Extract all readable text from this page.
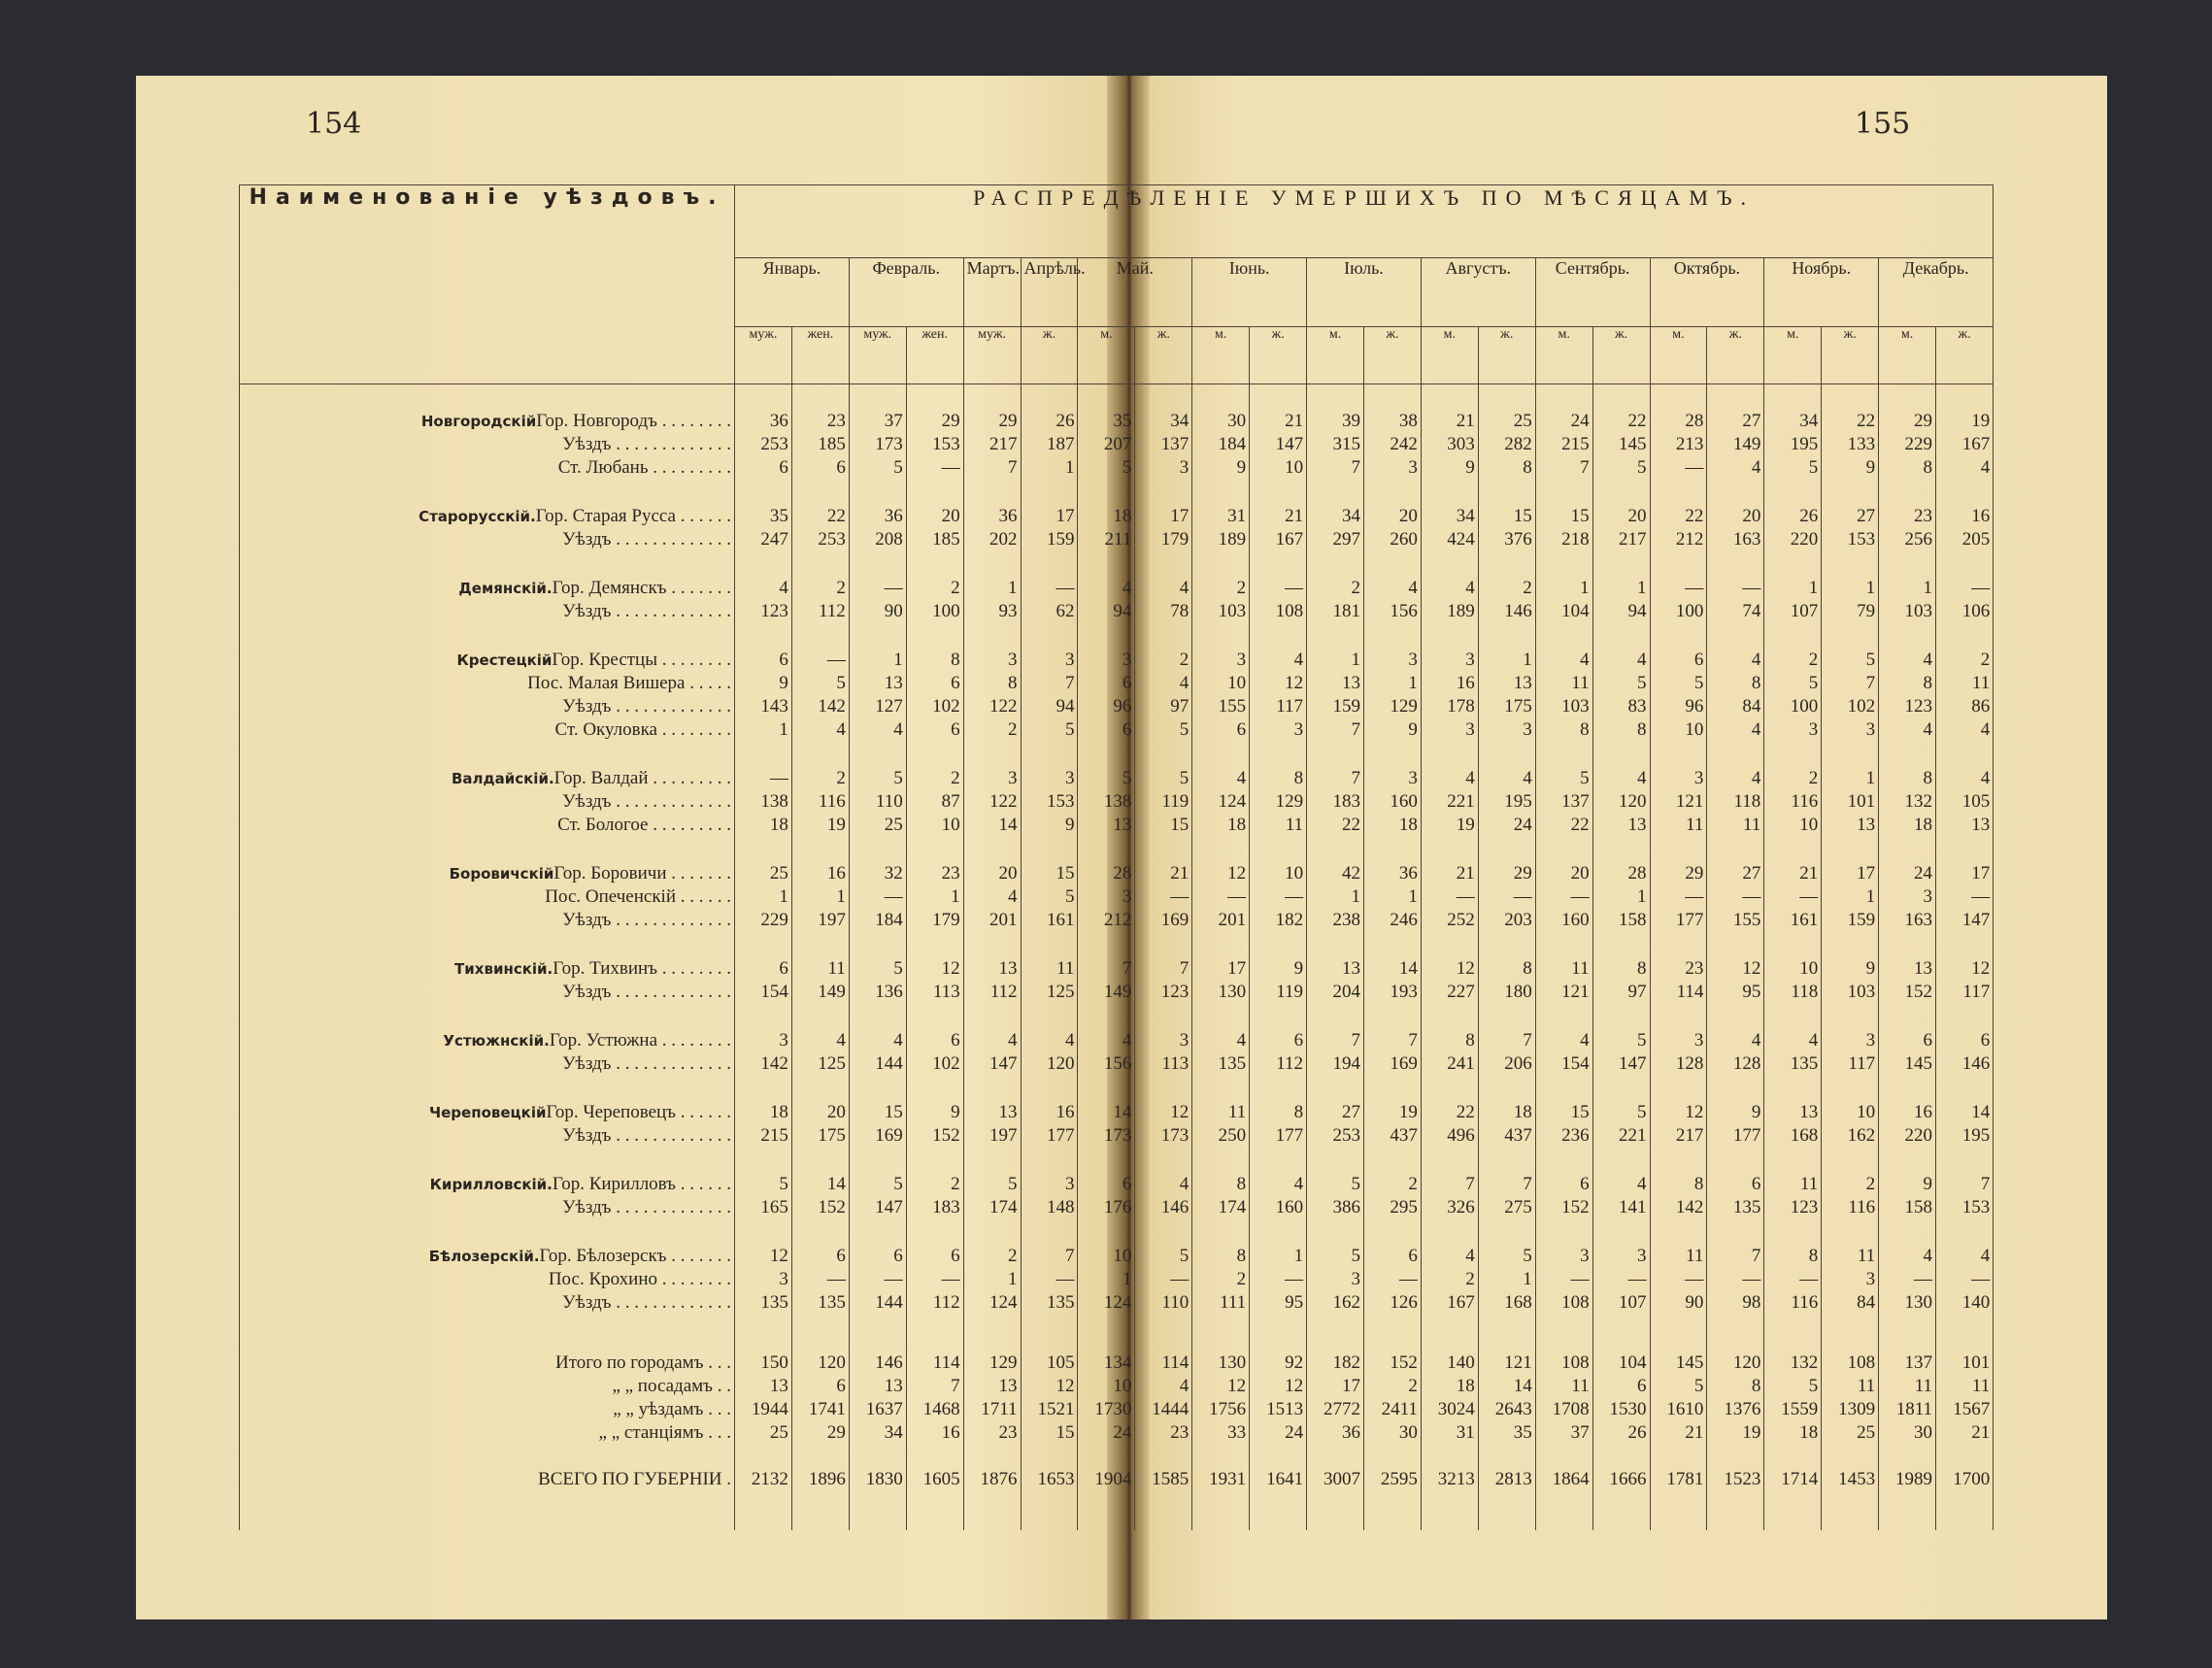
154	155
Наименованіе уѣздовъ.	РАСПРЕДѢЛЕНІЕ УМЕРШИХЪ ПО МѢСЯЦАМЪ.																					
	Январь.		Февраль.		Мартъ.	Апрѣль.	Май.		Іюнь.		Іюль.		Августъ.		Сентябрь.		Октябрь.		Ноябрь.		Декабрь.	
	муж.	жен.	муж.	жен.	муж.	ж.	м.	ж.	м.	ж.	м.	ж.	м.	ж.	м.	ж.	м.	ж.	м.	ж.	м.	ж.
НовгородскійГор. Новгородъ . . . . . . . .	36	23	37	29	29	26	35	34	30	21	39	38	21	25	24	22	28	27	34	22	29	19
Уѣздъ . . . . . . . . . . . . .	253	185	173	153	217	187	207	137	184	147	315	242	303	282	215	145	213	149	195	133	229	167
Ст. Любань . . . . . . . . .	6	6	5	—	7	1	5	3	9	10	7	3	9	8	7	5	—	4	5	9	8	4
Старорусскій.Гор. Старая Русса . . . . . .	35	22	36	20	36	17	18	17	31	21	34	20	34	15	15	20	22	20	26	27	23	16
Уѣздъ . . . . . . . . . . . . .	247	253	208	185	202	159	211	179	189	167	297	260	424	376	218	217	212	163	220	153	256	205
Демянскій.Гор. Демянскъ . . . . . . .	4	2	—	2	1	—	4	4	2	—	2	4	4	2	1	1	—	—	1	1	1	—
Уѣздъ . . . . . . . . . . . . .	123	112	90	100	93	62	94	78	103	108	181	156	189	146	104	94	100	74	107	79	103	106
КрестецкійГор. Крестцы . . . . . . . .	6	—	1	8	3	3	3	2	3	4	1	3	3	1	4	4	6	4	2	5	4	2
Пос. Малая Вишера . . . . .	9	5	13	6	8	7	6	4	10	12	13	1	16	13	11	5	5	8	5	7	8	11
Уѣздъ . . . . . . . . . . . . .	143	142	127	102	122	94	96	97	155	117	159	129	178	175	103	83	96	84	100	102	123	86
Ст. Окуловка . . . . . . . .	1	4	4	6	2	5	6	5	6	3	7	9	3	3	8	8	10	4	3	3	4	4
Валдайскій.Гор. Валдай . . . . . . . . .	—	2	5	2	3	3	5	5	4	8	7	3	4	4	5	4	3	4	2	1	8	4
Уѣздъ . . . . . . . . . . . . .	138	116	110	87	122	153	138	119	124	129	183	160	221	195	137	120	121	118	116	101	132	105
Ст. Бологое . . . . . . . . .	18	19	25	10	14	9	13	15	18	11	22	18	19	24	22	13	11	11	10	13	18	13
БоровичскійГор. Боровичи . . . . . . .	25	16	32	23	20	15	28	21	12	10	42	36	21	29	20	28	29	27	21	17	24	17
Пос. Опеченскій . . . . . .	1	1	—	1	4	5	3	—	—	—	1	1	—	—	—	1	—	—	—	1	3	—
Уѣздъ . . . . . . . . . . . . .	229	197	184	179	201	161	212	169	201	182	238	246	252	203	160	158	177	155	161	159	163	147
Тихвинскій.Гор. Тихвинъ . . . . . . . .	6	11	5	12	13	11	7	7	17	9	13	14	12	8	11	8	23	12	10	9	13	12
Уѣздъ . . . . . . . . . . . . .	154	149	136	113	112	125	149	123	130	119	204	193	227	180	121	97	114	95	118	103	152	117
Устюжнскій.Гор. Устюжна . . . . . . . .	3	4	4	6	4	4	4	3	4	6	7	7	8	7	4	5	3	4	4	3	6	6
Уѣздъ . . . . . . . . . . . . .	142	125	144	102	147	120	156	113	135	112	194	169	241	206	154	147	128	128	135	117	145	146
ЧереповецкійГор. Череповецъ . . . . . .	18	20	15	9	13	16	14	12	11	8	27	19	22	18	15	5	12	9	13	10	16	14
Уѣздъ . . . . . . . . . . . . .	215	175	169	152	197	177	173	173	250	177	253	437	496	437	236	221	217	177	168	162	220	195
Кирилловскій.Гор. Кирилловъ . . . . . .	5	14	5	2	5	3	6	4	8	4	5	2	7	7	6	4	8	6	11	2	9	7
Уѣздъ . . . . . . . . . . . . .	165	152	147	183	174	148	176	146	174	160	386	295	326	275	152	141	142	135	123	116	158	153
Бѣлозерскій.Гор. Бѣлозерскъ . . . . . . .	12	6	6	6	2	7	10	5	8	1	5	6	4	5	3	3	11	7	8	11	4	4
Пос. Крохино . . . . . . . .	3	—	—	—	1	—	1	—	2	—	3	—	2	1	—	—	—	—	—	3	—	—
Уѣздъ . . . . . . . . . . . . .	135	135	144	112	124	135	124	110	111	95	162	126	167	168	108	107	90	98	116	84	130	140
Итого по городамъ . . .	150	120	146	114	129	105	134	114	130	92	182	152	140	121	108	104	145	120	132	108	137	101
„ „ посадамъ . .	13	6	13	7	13	12	10	4	12	12	17	2	18	14	11	6	5	8	5	11	11	11
„ „ уѣздамъ . . .	1944	1741	1637	1468	1711	1521	1730	1444	1756	1513	2772	2411	3024	2643	1708	1530	1610	1376	1559	1309	1811	1567
„ „ станціямъ . . .	25	29	34	16	23	15	24	23	33	24	36	30	31	35	37	26	21	19	18	25	30	21
ВСЕГО ПО ГУБЕРНІИ .	2132	1896	1830	1605	1876	1653	1904	1585	1931	1641	3007	2595	3213	2813	1864	1666	1781	1523	1714	1453	1989	1700
